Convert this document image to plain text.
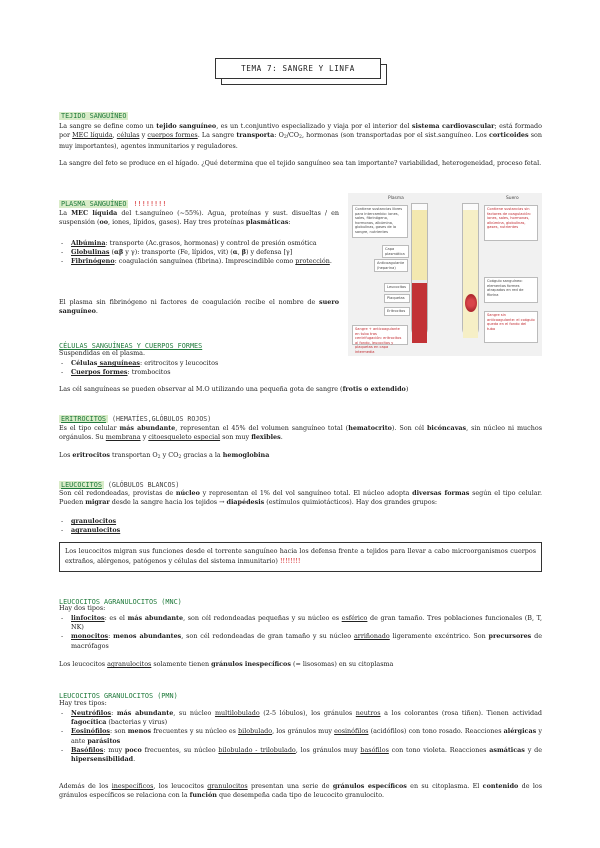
TEMA 7: SANGRE Y LINFA
TEJIDO SANGUÍNEO
La sangre se define como un tejido sanguíneo, es un t.conjuntivo especializado y viaja por el interior del sistema cardiovascular; está formado por MEC líquida, células y cuerpos formes. La sangre transporta: $O_2/CO_2$, hormonas (son transportadas por el sist.sanguíneo. Los corticoides son muy importantes), agentes inmunitarios y reguladores.
La sangre del feto se produce en el hígado. ¿Qué determina que el tejido sanguíneo sea tan importante? variabilidad, heterogeneidad, proceso fetal.
PLASMA SANGUÍNEO !!!!!!!!
La MEC líquida del t.sanguíneo (~55%). Agua, proteínas y sust. disueltas / en suspensión (oo, iones, lípidos, gases). Hay tres proteínas plasmáticas:
- Albúmina: transporte (Ac.grasos, hormonas) y control de presión osmótica
- Globulinas (αβ y γ): transporte (Fe, lípidos, vit) (α, β) y defensa [γ]
- Fibrinógeno: coagulación sanguínea (fibrina). Imprescindible como protección.
El plasma sin fibrinógeno ni factores de coagulación recibe el nombre de suero sanguíneo.
Plasma	Suero
Contiene sustancias libres para intercambio: iones, sales, fibrinógeno, hormonas, albúmina, globulinas, gases de la sangre, nutrientes
Capa plasmática
Anticoagulante (heparina)
Leucocitos
Plaquetas
Eritrocitos
Sangre + anticoagulante en tubo tras centrifugación: eritrocitos al fondo, leucocitos y plaquetas en capa intermedia
Contiene sustancias sin factores de coagulación: iones, sales, hormonas, albúmina, globulinas, gases, nutrientes
Coágulo sanguíneo: elementos formes atrapados en red de fibrina
Sangre sin anticoagulante: el coágulo queda en el fondo del tubo
CÉLULAS SANGUÍNEAS Y CUERPOS FORMES
Suspendidas en el plasma.
- Células sanguíneas: eritrocitos y leucocitos
- Cuerpos formes: trombocitos
Las cél sanguíneas se pueden observar al M.O utilizando una pequeña gota de sangre (frotis o extendido)
ERITROCITOS (HEMATÍES,GLÓBULOS ROJOS)
Es el tipo celular más abundante, representan el 45% del volumen sanguíneo total (hematocrito). Son cél bicóncavas, sin núcleo ni muchos orgánulos. Su membrana y citoesqueleto especial son muy flexibles.
Los eritrocitos transportan $O_2$ y $CO_2$ gracias a la hemoglobina
LEUCOCITOS (GLÓBULOS BLANCOS)
Son cél redondeadas, provistas de núcleo y representan el 1% del vol sanguíneo total. El núcleo adopta diversas formas según el tipo celular. Pueden migrar desde la sangre hacia los tejidos → diapédesis (estímulos quimiotácticos). Hay dos grandes grupos:
- granulocitos
- agranulocitos
Los leucocitos migran sus funciones desde el torrente sanguíneo hacia los defensa frente a tejidos para llevar a cabo microorganismos cuerpos extraños, alérgenos, patógenos y células del sistema inmunitario) !!!!!!!!
LEUCOCITOS AGRANULOCITOS (MNC)
Hay dos tipos:
- linfocitos: es el más abundante, son cél redondeadas pequeñas y su núcleo es esférico de gran tamaño. Tres poblaciones funcionales (B, T, NK)
- monocitos: menos abundantes, son cél redondeadas de gran tamaño y su núcleo arriñonado ligeramente excéntrico. Son precursores de macrófagos
Los leucocitos agranulocitos solamente tienen gránulos inespecíficos (= lisosomas) en su citoplasma
LEUCOCITOS GRANULOCITOS (PMN)
Hay tres tipos:
- Neutrófilos: más abundante, su núcleo multilobulado (2-5 lóbulos), los gránulos neutros a los colorantes (rosa tiñen). Tienen actividad fagocítica (bacterias y virus)
- Eosinófilos: son menos frecuentes y su núcleo es bilobulado, los gránulos muy eosinófilos (acidófilos) con tono rosado. Reacciones alérgicas y ante parásitos
- Basófilos: muy poco frecuentes, su núcleo bilobulado - trilobulado, los gránulos muy basófilos con tono violeta. Reacciones asmáticas y de hipersensibilidad.
Además de los inespecíficos, los leucocitos granulocitos presentan una serie de gránulos específicos en su citoplasma. El contenido de los gránulos específicos se relaciona con la función que desempeña cada tipo de leucocito granulocito.
